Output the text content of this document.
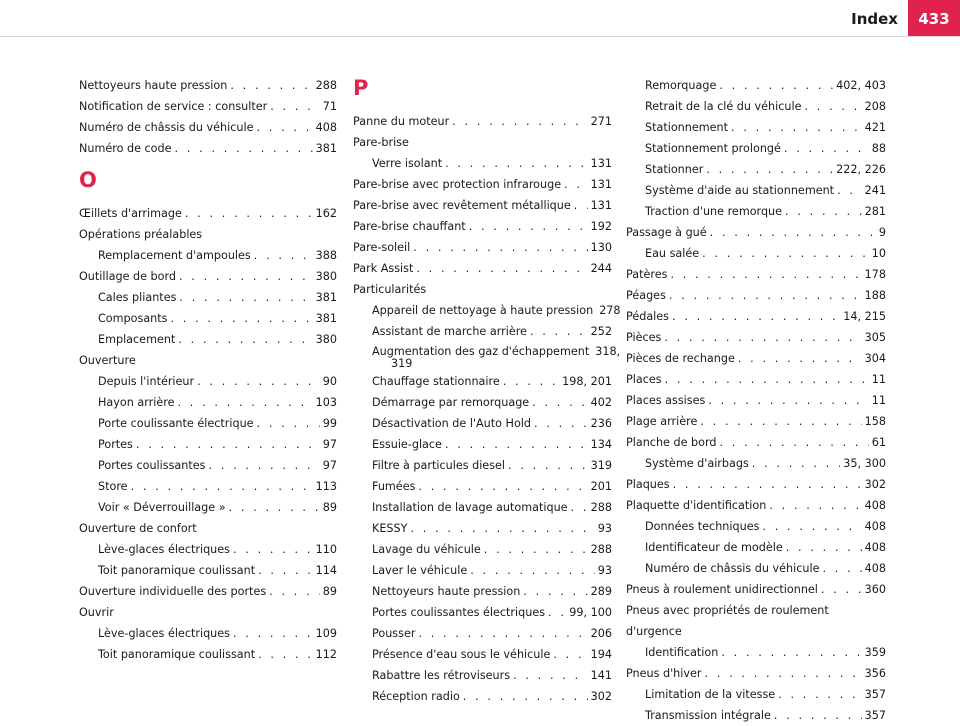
Index	433
Nettoyeurs haute pression . . .	288
Notification de service : consulter . . .	71
Numéro de châssis du véhicule . . .	408
Numéro de code . . .	381
O
Œillets d'arrimage . . .	162
Opérations préalables
Remplacement d'ampoules . . .	388
Outillage de bord . . .	380
Cales pliantes . . .	381
Composants . . .	381
Emplacement . . .	380
Ouverture
Depuis l'intérieur . . .	90
Hayon arrière . . .	103
Porte coulissante électrique . . .	99
Portes . . .	97
Portes coulissantes . . .	97
Store . . .	113
Voir « Déverrouillage » . . .	89
Ouverture de confort
Lève-glaces électriques . . .	110
Toit panoramique coulissant . . .	114
Ouverture individuelle des portes . . .	89
Ouvrir
Lève-glaces électriques . . .	109
Toit panoramique coulissant . . .	112
P
Panne du moteur . . .	271
Pare-brise
Verre isolant . . .	131
Pare-brise avec protection infrarouge . . .	131
Pare-brise avec revêtement métallique . . . 131
Pare-brise chauffant . . .	192
Pare-soleil . . .	130
Park Assist . . .	244
Particularités
Appareil de nettoyage à haute pression 278
Assistant de marche arrière . . .	252
Augmentation des gaz d'échappement 318,
319
Chauffage stationnaire . . .	198, 201
Démarrage par remorquage . . .	402
Désactivation de l'Auto Hold . . .	236
Essuie-glace . . .	134
Filtre à particules diesel . . .	319
Fumées . . .	201
Installation de lavage automatique . . . 288
KESSY . . .	93
Lavage du véhicule . . .	288
Laver le véhicule . . .	93
Nettoyeurs haute pression . . .	289
Portes coulissantes électriques . . . 99, 100
Pousser . . .	206
Présence d'eau sous le véhicule . . .	194
Rabattre les rétroviseurs . . .	141
Réception radio . . .	302
Remorquage . . .	402, 403
Retrait de la clé du véhicule . . .	208
Stationnement . . .	421
Stationnement prolongé . . .	88
Stationner . . .	222, 226
Système d'aide au stationnement . . .	241
Traction d'une remorque . . .	281
Passage à gué . . .	9
Eau salée . . .	10
Patères . . .	178
Péages . . .	188
Pédales . . .	14, 215
Pièces . . .	305
Pièces de rechange . . .	304
Places . . .	11
Places assises . . .	11
Plage arrière . . .	158
Planche de bord . . .	61
Système d'airbags . . .	35, 300
Plaques . . .	302
Plaquette d'identification . . .	408
Données techniques . . .	408
Identificateur de modèle . . .	408
Numéro de châssis du véhicule . . .	408
Pneus à roulement unidirectionnel . . .	360
Pneus avec propriétés de roulement d'urgence
Identification . . .	359
Pneus d'hiver . . .	356
Limitation de la vitesse . . .	357
Transmission intégrale . . .	357
